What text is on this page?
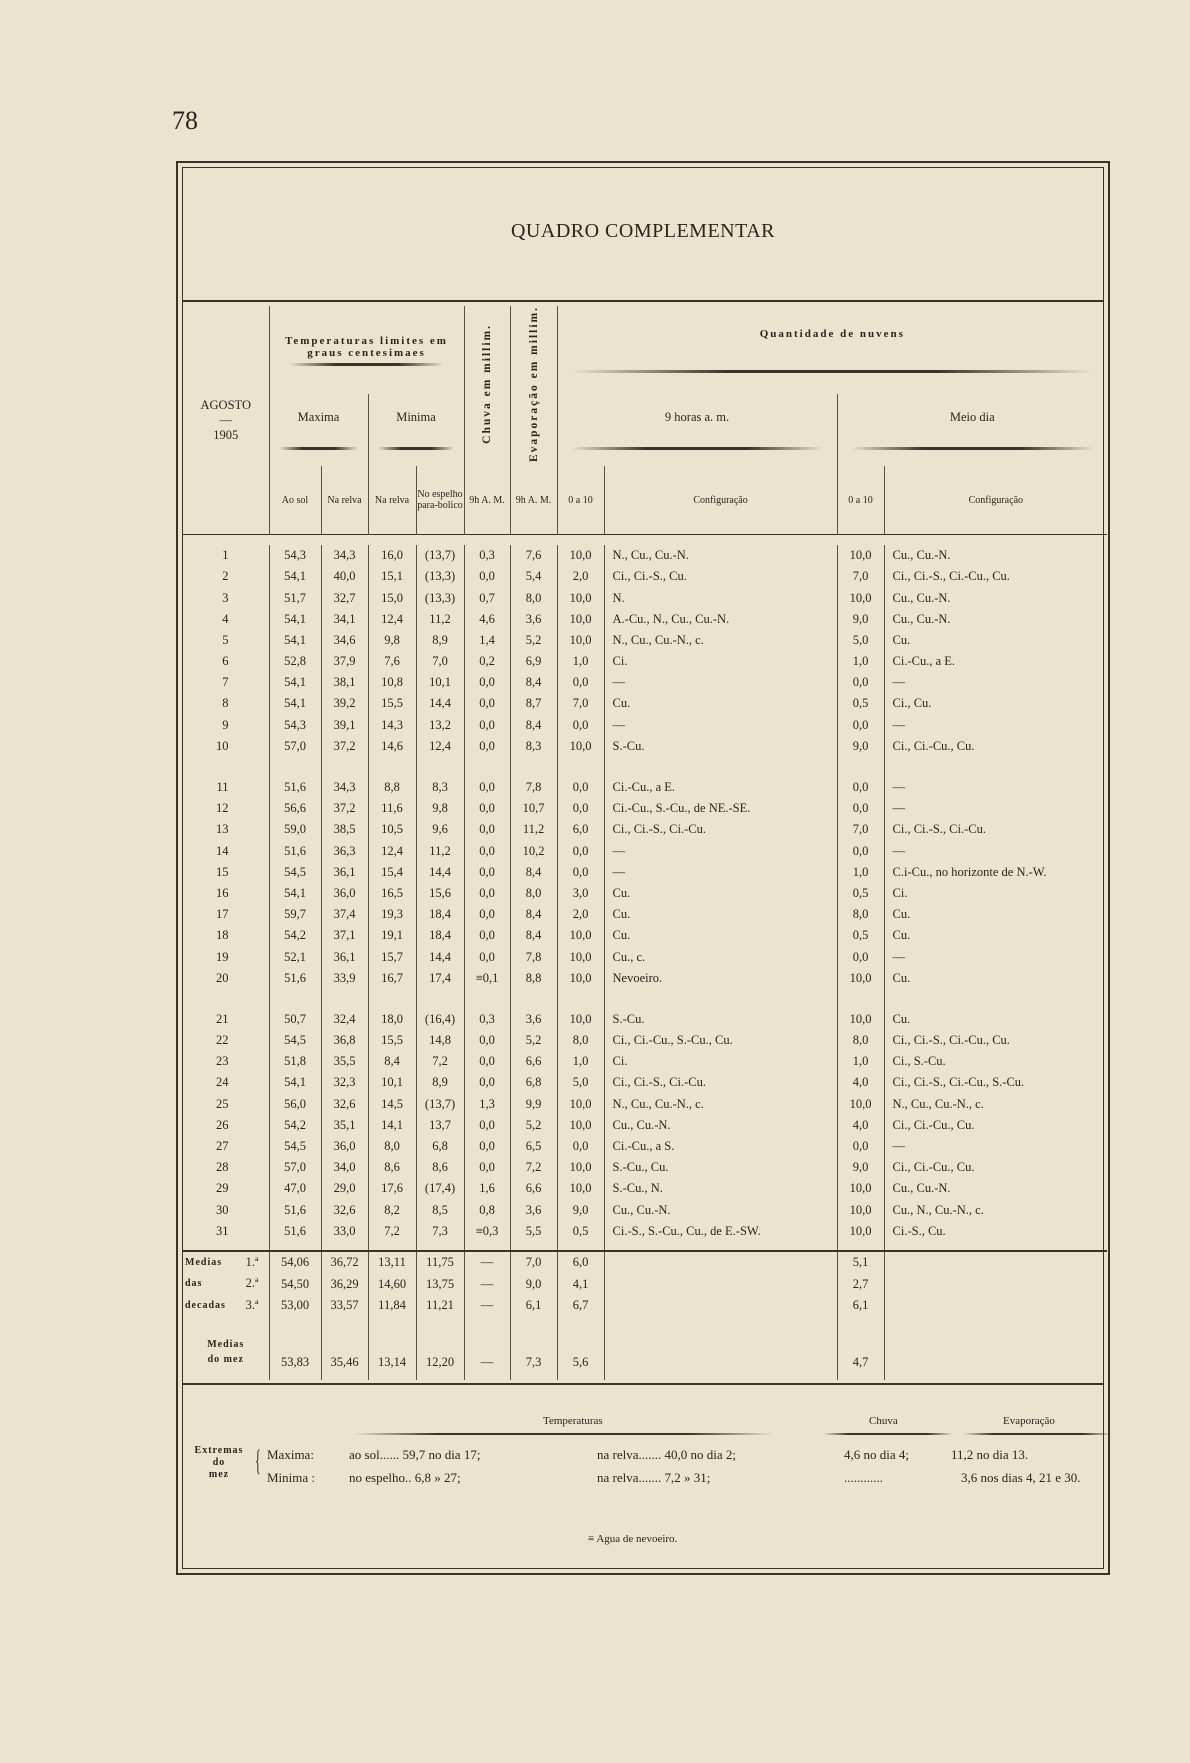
78
QUADRO COMPLEMENTAR
AGOSTO
—
1905	Temperaturas limites em graus centesimaes				Chuva em millim.	Evaporação em millim.	Quantidade de nuvens			

	Maxima		Minima				9 horas a. m.		Meio dia	

	Ao sol	Na relva	Na relva	No espelho para-bolico	9h A. M.	9h A. M.	0 a 10	Configuração	0 a 10	Configuração

1	54,3	34,3	16,0	(13,7)	0,3	7,6	10,0	N., Cu., Cu.-N.	10,0	Cu., Cu.-N.
2	54,1	40,0	15,1	(13,3)	0,0	5,4	2,0	Ci., Ci.-S., Cu.	7,0	Ci., Ci.-S., Ci.-Cu., Cu.
3	51,7	32,7	15,0	(13,3)	0,7	8,0	10,0	N.	10,0	Cu., Cu.-N.
4	54,1	34,1	12,4	11,2	4,6	3,6	10,0	A.-Cu., N., Cu., Cu.-N.	9,0	Cu., Cu.-N.
5	54,1	34,6	9,8	8,9	1,4	5,2	10,0	N., Cu., Cu.-N., c.	5,0	Cu.
6	52,8	37,9	7,6	7,0	0,2	6,9	1,0	Ci.	1,0	Ci.-Cu., a E.
7	54,1	38,1	10,8	10,1	0,0	8,4	0,0	—	0,0	—
8	54,1	39,2	15,5	14,4	0,0	8,7	7,0	Cu.	0,5	Ci., Cu.
9	54,3	39,1	14,3	13,2	0,0	8,4	0,0	—	0,0	—
10	57,0	37,2	14,6	12,4	0,0	8,3	10,0	S.-Cu.	9,0	Ci., Ci.-Cu., Cu.

11	51,6	34,3	8,8	8,3	0,0	7,8	0,0	Ci.-Cu., a E.	0,0	—
12	56,6	37,2	11,6	9,8	0,0	10,7	0,0	Ci.-Cu., S.-Cu., de NE.-SE.	0,0	—
13	59,0	38,5	10,5	9,6	0,0	11,2	6,0	Ci., Ci.-S., Ci.-Cu.	7,0	Ci., Ci.-S., Ci.-Cu.
14	51,6	36,3	12,4	11,2	0,0	10,2	0,0	—	0,0	—
15	54,5	36,1	15,4	14,4	0,0	8,4	0,0	—	1,0	C.i-Cu., no horizonte de N.-W.
16	54,1	36,0	16,5	15,6	0,0	8,0	3,0	Cu.	0,5	Ci.
17	59,7	37,4	19,3	18,4	0,0	8,4	2,0	Cu.	8,0	Cu.
18	54,2	37,1	19,1	18,4	0,0	8,4	10,0	Cu.	0,5	Cu.
19	52,1	36,1	15,7	14,4	0,0	7,8	10,0	Cu., c.	0,0	—
20	51,6	33,9	16,7	17,4	≡0,1	8,8	10,0	Nevoeiro.	10,0	Cu.

21	50,7	32,4	18,0	(16,4)	0,3	3,6	10,0	S.-Cu.	10,0	Cu.
22	54,5	36,8	15,5	14,8	0,0	5,2	8,0	Ci., Ci.-Cu., S.-Cu., Cu.	8,0	Ci., Ci.-S., Ci.-Cu., Cu.
23	51,8	35,5	8,4	7,2	0,0	6,6	1,0	Ci.	1,0	Ci., S.-Cu.
24	54,1	32,3	10,1	8,9	0,0	6,8	5,0	Ci., Ci.-S., Ci.-Cu.	4,0	Ci., Ci.-S., Ci.-Cu., S.-Cu.
25	56,0	32,6	14,5	(13,7)	1,3	9,9	10,0	N., Cu., Cu.-N., c.	10,0	N., Cu., Cu.-N., c.
26	54,2	35,1	14,1	13,7	0,0	5,2	10,0	Cu., Cu.-N.	4,0	Ci., Ci.-Cu., Cu.
27	54,5	36,0	8,0	6,8	0,0	6,5	0,0	Ci.-Cu., a S.	0,0	—
28	57,0	34,0	8,6	8,6	0,0	7,2	10,0	S.-Cu., Cu.	9,0	Ci., Ci.-Cu., Cu.
29	47,0	29,0	17,6	(17,4)	1,6	6,6	10,0	S.-Cu., N.	10,0	Cu., Cu.-N.
30	51,6	32,6	8,2	8,5	0,8	3,6	9,0	Cu., Cu.-N.	10,0	Cu., N., Cu.-N., c.
31	51,6	33,0	7,2	7,3	≡0,3	5,5	0,5	Ci.-S., S.-Cu., Cu., de E.-SW.	10,0	Ci.-S., Cu.

Medias 1.ª	54,06	36,72	13,11	11,75	—	7,0	6,0		5,1	

das 2.ª	54,50	36,29	14,60	13,75	—	9,0	4,1		2,7	

decadas 3.ª	53,00	33,57	11,84	11,21	—	6,1	6,7		6,1	

Medias
do mez	53,83	35,46	13,14	12,20	—	7,3	5,6		4,7	

Temperaturas	Chuva	Evaporação
Extremas
do
mez { Maxima:
Minima :
ao sol...... 59,7 no dia 17;	na relva....... 40,0 no dia 2;	4,6 no dia 4;	11,2 no dia 13.
no espelho.. 6,8 » 27;	na relva....... 7,2 » 31;	............	3,6 nos dias 4, 21 e 30.
≡ Agua de nevoeiro.
